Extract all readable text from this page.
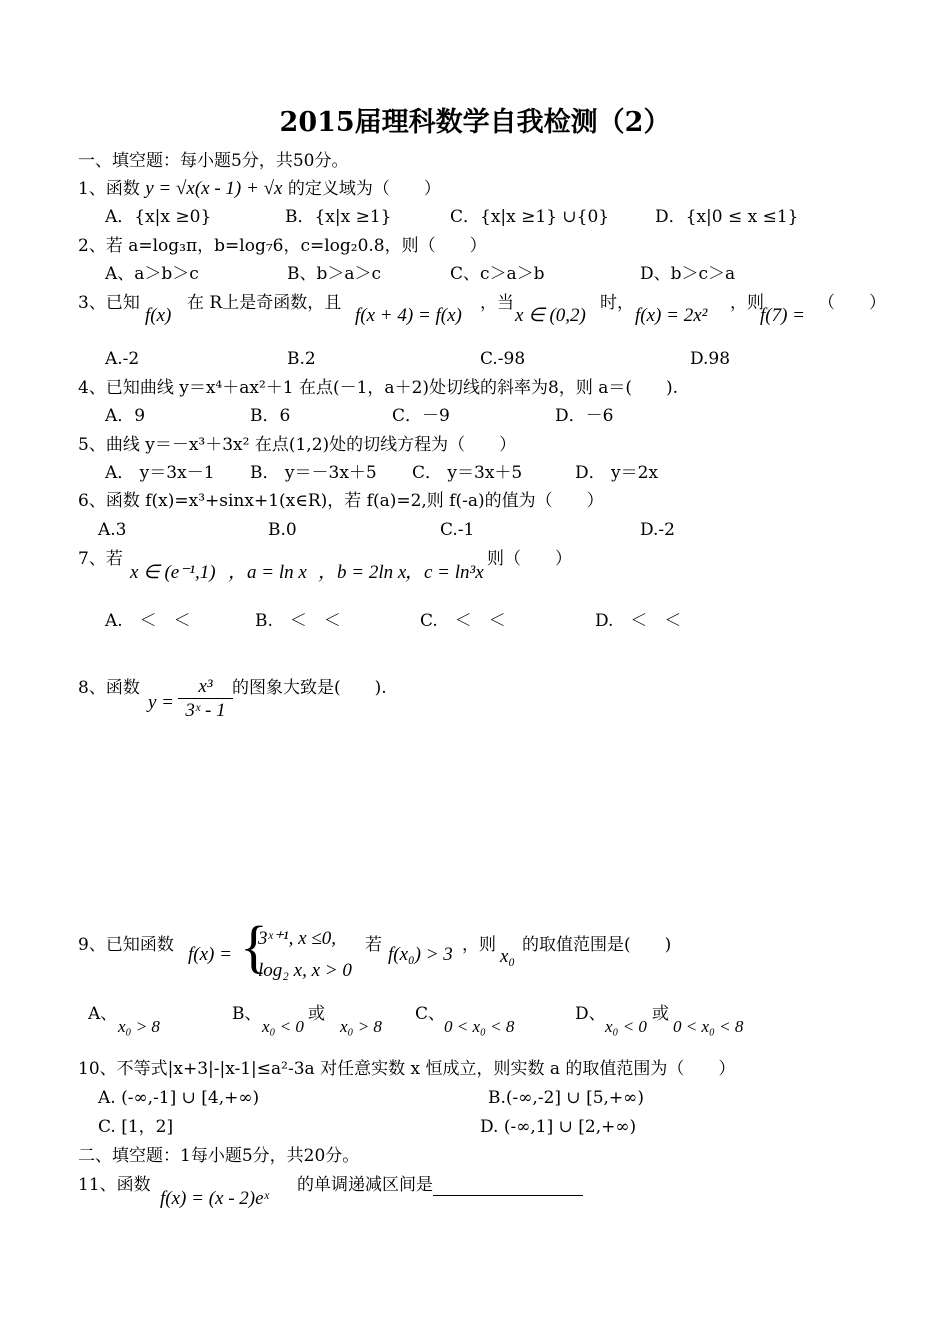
2015届理科数学自我检测（2）
一、填空题：每小题5分，共50分。
1、函数 y = √x(x - 1) + √x 的定义域为（　　）
A．{x|x ≥0}	B．{x|x ≥1}	C．{x|x ≥1} ∪{0}	D．{x|0 ≤ x ≤1}
2、若 a=log₃π，b=log₇6，c=log₂0.8，则（　　）
A、a＞b＞c	B、b＞a＞c	C、c＞a＞b	D、b＞c＞a
3、已知
f(x)
在 R上是奇函数，且
f(x + 4) = f(x)
，当
x ∈ (0,2)
时，
f(x) = 2x²
，则
f(7) =
（　　）
A.-2	B.2	C.-98	D.98
4、已知曲线 y＝x⁴＋ax²＋1 在点(－1，a＋2)处切线的斜率为8，则 a＝(　　).
A．9	B．6	C．－9	D．－6
5、曲线 y＝－x³＋3x² 在点(1,2)处的切线方程为（　　）
A． y＝3x－1 B． y＝－3x＋5 C． y＝3x＋5	D． y＝2x
6、函数 f(x)=x³+sinx+1(x∈R)，若 f(a)=2,则 f(-a)的值为（　　）
A.3	B.0	C.-1	D.-2
7、若
x ∈ (e⁻¹,1) ，a = ln x ，b = 2ln x
，c = ln³x
则（　　）
A.　＜　＜	B.　＜　＜	C.　＜　＜	D.　＜　＜
8、函数
y =
x³
3ˣ - 1
的图象大致是(　　).
9、已知函数 f(x) = {
3ˣ⁺¹, x ≤0,
log₂ x, x > 0
若 f(x₀) > 3 ，则
x₀
的取值范围是(　　)
A、
x₀ > 8
B、
x₀ < 0
或
x₀ > 8
C、
0 < x₀ < 8
D、
x₀ < 0
或
0 < x₀ < 8
10、不等式|x+3|-|x-1|≤a²-3a 对任意实数 x 恒成立，则实数 a 的取值范围为（　　）
A. (-∞,-1] ∪ [4,+∞)	B.(-∞,-2] ∪ [5,+∞)
C. [1，2]	D. (-∞,1] ∪ [2,+∞)
二、填空题：1每小题5分，共20分。
11、函数
f(x) = (x - 2)eˣ
的单调递减区间是
